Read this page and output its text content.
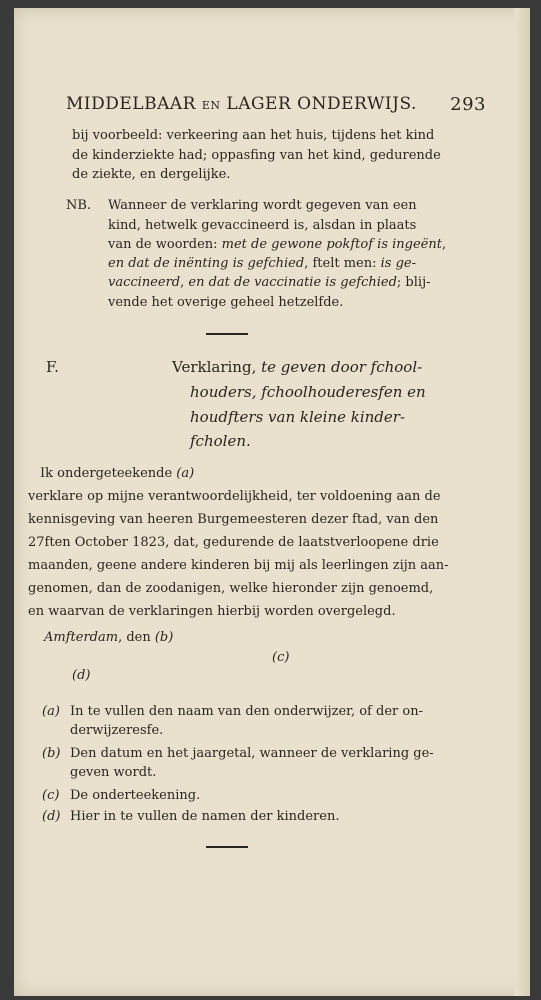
MIDDELBAAR EN LAGER ONDERWIJS. 293
bij voorbeeld: verkeering aan het huis, tijdens het kind
de kinderziekte had; oppasfing van het kind, gedurende
de ziekte, en dergelijke.
NB. Wanneer de verklaring wordt gegeven van een
kind, hetwelk gevaccineerd is, alsdan in plaats
van de woorden: met de gewone pokftof is ingeënt,
en dat de inënting is gefchied, ftelt men: is ge-
vaccineerd, en dat de vaccinatie is gefchied; blij-
vende het overige geheel hetzelfde.
F.	Verklaring, te geven door fchool-
houders, fchoolhouderesfen en
houdfters van kleine kinder-
fcholen.
Ik ondergeteekende (a)
verklare op mijne verantwoordelijkheid, ter voldoening aan de
kennisgeving van heeren Burgemeesteren dezer ftad, van den
27ften October 1823, dat, gedurende de laatstverloopene drie
maanden, geene andere kinderen bij mij als leerlingen zijn aan-
genomen, dan de zoodanigen, welke hieronder zijn genoemd,
en waarvan de verklaringen hierbij worden overgelegd.
Amfterdam, den (b)
(c)
(d)
(a) In te vullen den naam van den onderwijzer, of der on-
derwijzeresfe.
(b) Den datum en het jaargetal, wanneer de verklaring ge-
geven wordt.
(c) De onderteekening.
(d) Hier in te vullen de namen der kinderen.
